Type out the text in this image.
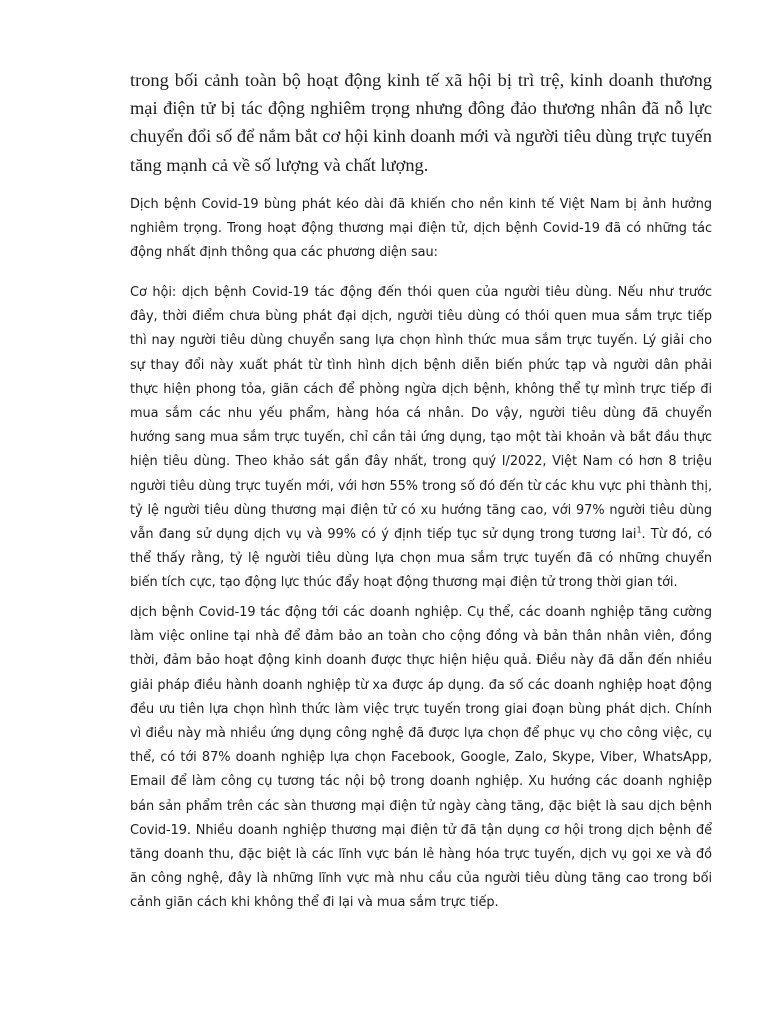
trong bối cảnh toàn bộ hoạt động kinh tế xã hội bị trì trệ, kinh doanh thương mại điện tử bị tác động nghiêm trọng nhưng đông đảo thương nhân đã nỗ lực chuyển đổi số để nắm bắt cơ hội kinh doanh mới và người tiêu dùng trực tuyến tăng mạnh cả về số lượng và chất lượng.

Dịch bệnh Covid-19 bùng phát kéo dài đã khiến cho nền kinh tế Việt Nam bị ảnh hưởng nghiêm trọng. Trong hoạt động thương mại điện tử, dịch bệnh Covid-19 đã có những tác động nhất định thông qua các phương diện sau:

Cơ hội: dịch bệnh Covid-19 tác động đến thói quen của người tiêu dùng. Nếu như trước đây, thời điểm chưa bùng phát đại dịch, người tiêu dùng có thói quen mua sắm trực tiếp thì nay người tiêu dùng chuyển sang lựa chọn hình thức mua sắm trực tuyến. Lý giải cho sự thay đổi này xuất phát từ tình hình dịch bệnh diễn biến phức tạp và người dân phải thực hiện phong tỏa, giãn cách để phòng ngừa dịch bệnh, không thể tự mình trực tiếp đi mua sắm các nhu yếu phẩm, hàng hóa cá nhân. Do vậy, người tiêu dùng đã chuyển hướng sang mua sắm trực tuyến, chỉ cần tải ứng dụng, tạo một tài khoản và bắt đầu thực hiện tiêu dùng. Theo khảo sát gần đây nhất, trong quý I/2022, Việt Nam có hơn 8 triệu người tiêu dùng trực tuyến mới, với hơn 55% trong số đó đến từ các khu vực phi thành thị, tỷ lệ người tiêu dùng thương mại điện tử có xu hướng tăng cao, với 97% người tiêu dùng vẫn đang sử dụng dịch vụ và 99% có ý định tiếp tục sử dụng trong tương lai$^1$. Từ đó, có thể thấy rằng, tỷ lệ người tiêu dùng lựa chọn mua sắm trực tuyến đã có những chuyển biến tích cực, tạo động lực thúc đẩy hoạt động thương mại điện tử trong thời gian tới.

dịch bệnh Covid-19 tác động tới các doanh nghiệp. Cụ thể, các doanh nghiệp tăng cường làm việc online tại nhà để đảm bảo an toàn cho cộng đồng và bản thân nhân viên, đồng thời, đảm bảo hoạt động kinh doanh được thực hiện hiệu quả. Điều này đã dẫn đến nhiều giải pháp điều hành doanh nghiệp từ xa được áp dụng. đa số các doanh nghiệp hoạt động đều ưu tiên lựa chọn hình thức làm việc trực tuyến trong giai đoạn bùng phát dịch. Chính vì điều này mà nhiều ứng dụng công nghệ đã được lựa chọn để phục vụ cho công việc, cụ thể, có tới 87% doanh nghiệp lựa chọn Facebook, Google, Zalo, Skype, Viber, WhatsApp, Email để làm công cụ tương tác nội bộ trong doanh nghiệp. Xu hướng các doanh nghiệp bán sản phẩm trên các sàn thương mại điện tử ngày càng tăng, đặc biệt là sau dịch bệnh Covid-19. Nhiều doanh nghiệp thương mại điện tử đã tận dụng cơ hội trong dịch bệnh để tăng doanh thu, đặc biệt là các lĩnh vực bán lẻ hàng hóa trực tuyến, dịch vụ gọi xe và đồ ăn công nghệ, đây là những lĩnh vực mà nhu cầu của người tiêu dùng tăng cao trong bối cảnh giãn cách khi không thể đi lại và mua sắm trực tiếp.
